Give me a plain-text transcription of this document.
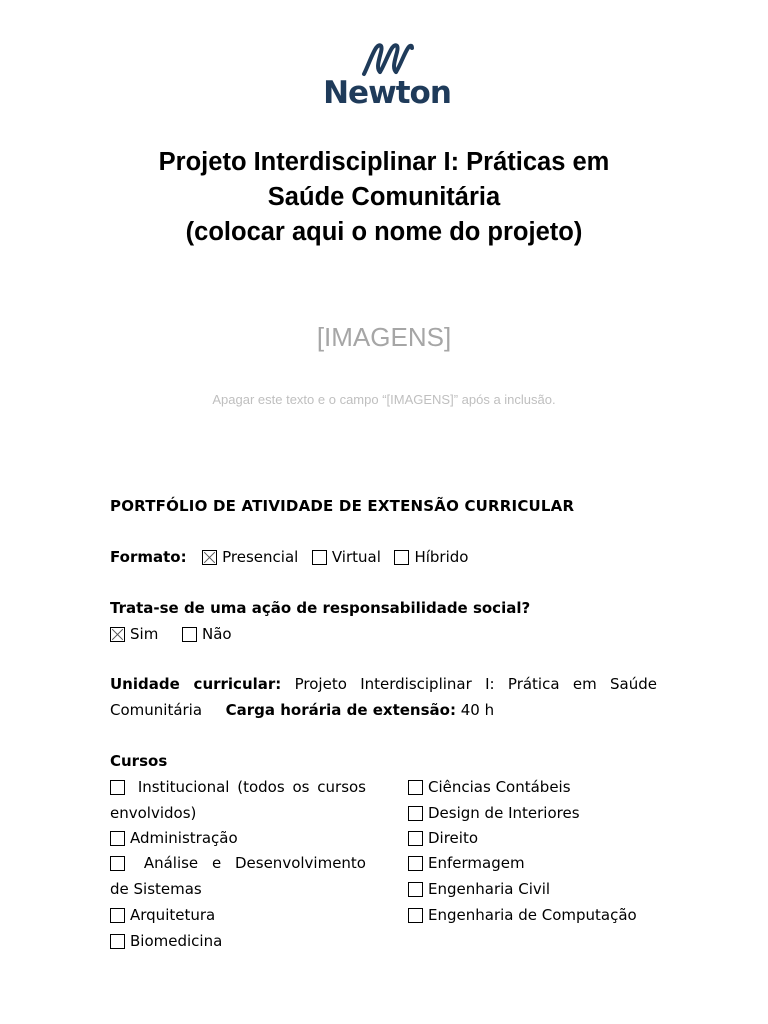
Newton
Projeto Interdisciplinar I: Práticas em
Saúde Comunitária
(colocar aqui o nome do projeto)
[IMAGENS]
Apagar este texto e o campo “[IMAGENS]” após a inclusão.
PORTFÓLIO DE ATIVIDADE DE EXTENSÃO CURRICULAR
Formato: Presencial Virtual Híbrido
Trata-se de uma ação de responsabilidade social?
Sim	Não
Unidade curricular: Projeto Interdisciplinar I: Prática em Saúde
Comunitária Carga horária de extensão: 40 h
Cursos
Institucional (todos os cursos
envolvidos)
Administração
Análise e Desenvolvimento
de Sistemas
Arquitetura
Biomedicina
Ciências Contábeis
Design de Interiores
Direito
Enfermagem
Engenharia Civil
Engenharia de Computação
